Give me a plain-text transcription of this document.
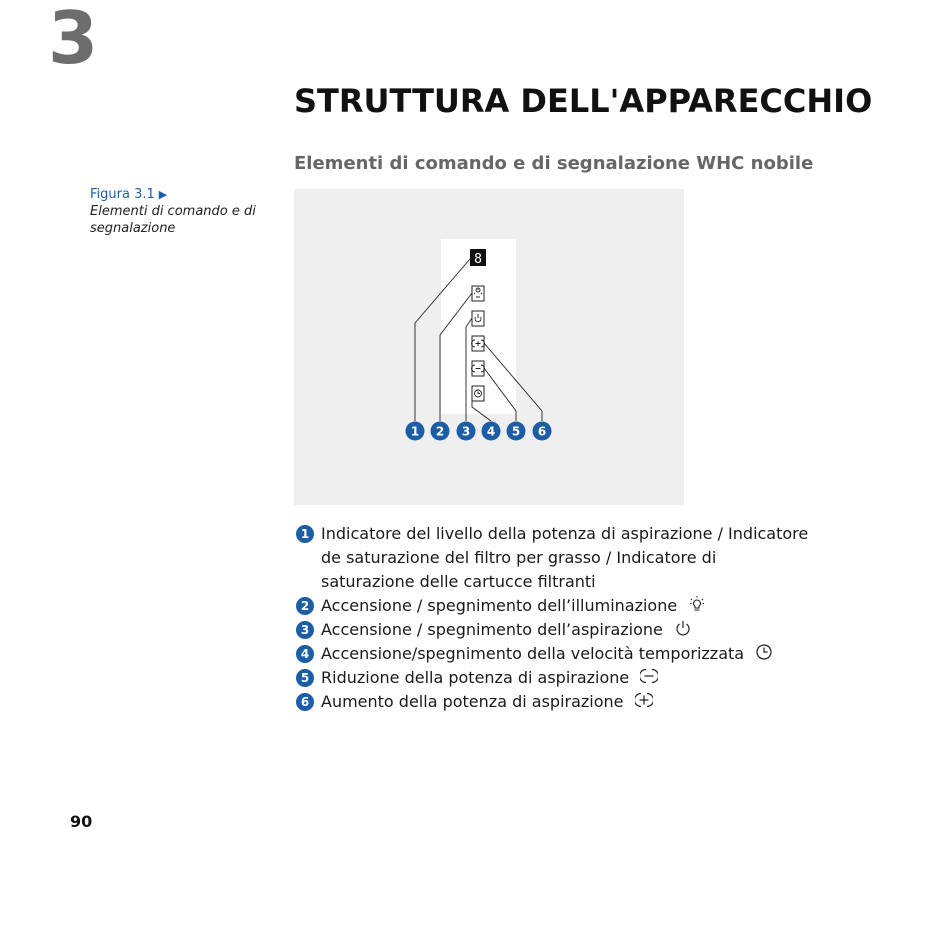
3
STRUTTURA DELL'APPARECCHIO
Elementi di comando e di segnalazione WHC nobile
Figura 3.1 ▶
Elementi di comando e di segnalazione
8
1 2 3 4 5 6
1 Indicatore del livello della potenza di aspirazione / Indicatore de saturazione del filtro per grasso / Indicatore di saturazione delle cartucce filtranti
2 Accensione / spegnimento dell’illuminazione
3 Accensione / spegnimento dell’aspirazione
4 Accensione/spegnimento della velocità temporizzata
5 Riduzione della potenza di aspirazione
6 Aumento della potenza di aspirazione
90
